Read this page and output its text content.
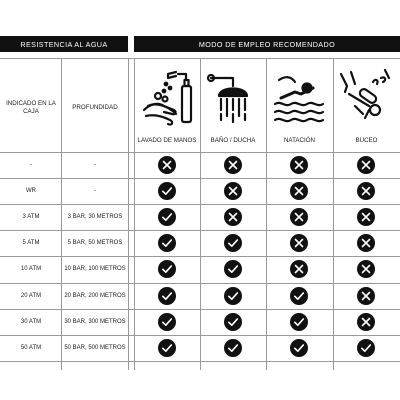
RESISTENCIA AL AGUA	MODO DE EMPLEO RECOMENDADO
INDICADO EN LA CAJA
PROFUNDIDAD
LAVADO DE MANOS	BAÑO / DUCHA	NATACIÓN	BUCEO
-	-
WR	-
3 ATM	3 BAR, 30 METROS
5 ATM	5 BAR, 50 METROS
10 ATM	10 BAR, 100 METROS
20 ATM	20 BAR, 200 METROS
30 ATM	30 BAR, 300 METROS
50 ATM	50 BAR, 500 METROS
